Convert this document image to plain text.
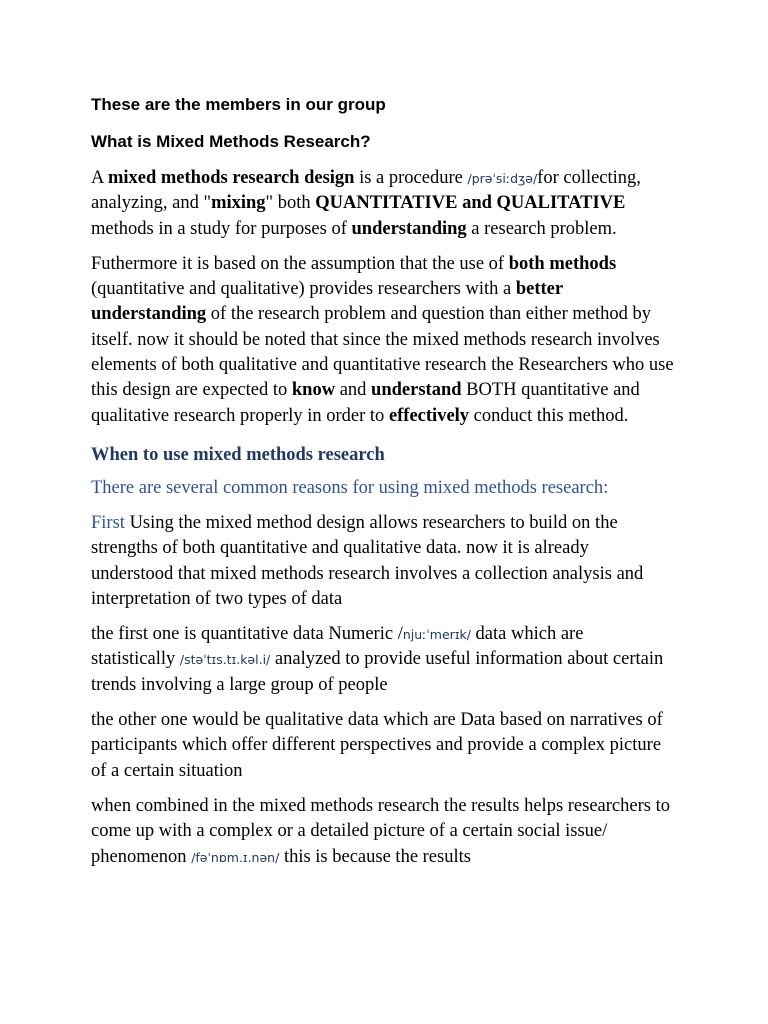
These are the members in our group

What is Mixed Methods Research?

A mixed methods research design is a procedure /prəˈsiːdʒə/for collecting, analyzing, and "mixing" both QUANTITATIVE and QUALITATIVE methods in a study for purposes of understanding a research problem.

Futhermore it is based on the assumption that the use of both methods (quantitative and qualitative) provides researchers with a better understanding of the research problem and question than either method by itself. now it should be noted that since the mixed methods research involves elements of both qualitative and quantitative research the Researchers who use this design are expected to know and understand BOTH quantitative and qualitative research properly in order to effectively conduct this method.

When to use mixed methods research

There are several common reasons for using mixed methods research:

First Using the mixed method design allows researchers to build on the strengths of both quantitative and qualitative data. now it is already understood that mixed methods research involves a collection analysis and interpretation of two types of data

the first one is quantitative data Numeric /njuːˈmerɪk/ data which are statistically /stəˈtɪs.tɪ.kəl.i/ analyzed to provide useful information about certain trends involving a large group of people

the other one would be qualitative data which are Data based on narratives of participants which offer different perspectives and provide a complex picture of a certain situation

when combined in the mixed methods research the results helps researchers to come up with a complex or a detailed picture of a certain social issue/ phenomenon /fəˈnɒm.ɪ.nən/ this is because the results
